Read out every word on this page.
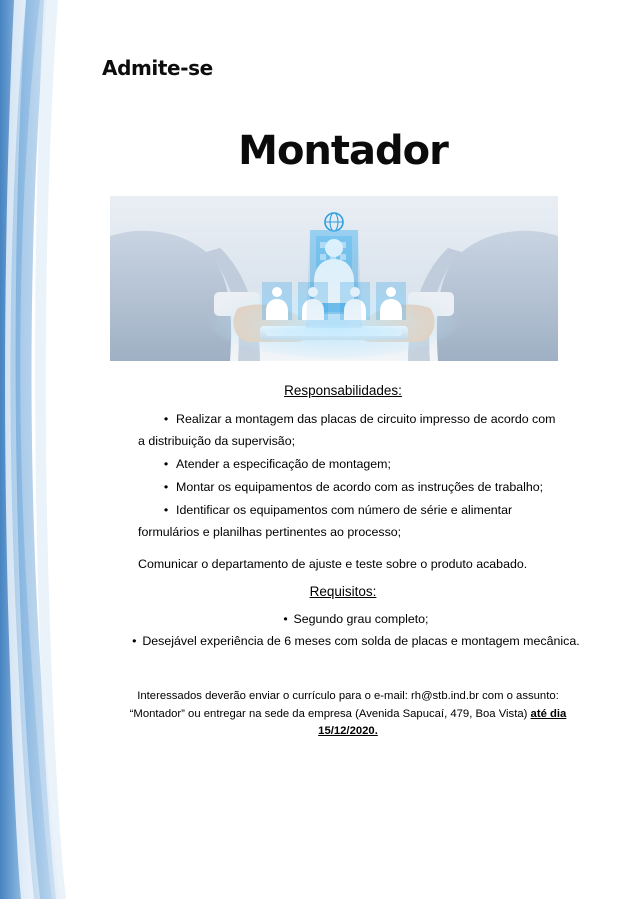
Admite-se
Montador
Responsabilidades:
• Realizar a montagem das placas de circuito impresso de acordo com a distribuição da supervisão;
• Atender a especificação de montagem;
• Montar os equipamentos de acordo com as instruções de trabalho;
• Identificar os equipamentos com número de série e alimentar formulários e planilhas pertinentes ao processo;
Comunicar o departamento de ajuste e teste sobre o produto acabado.
Requisitos:
• Segundo grau completo;
• Desejável experiência de 6 meses com solda de placas e montagem mecânica.
Interessados deverão enviar o currículo para o e-mail: rh@stb.ind.br com o assunto:
“Montador” ou entregar na sede da empresa (Avenida Sapucaí, 479, Boa Vista) até dia 15/12/2020.
